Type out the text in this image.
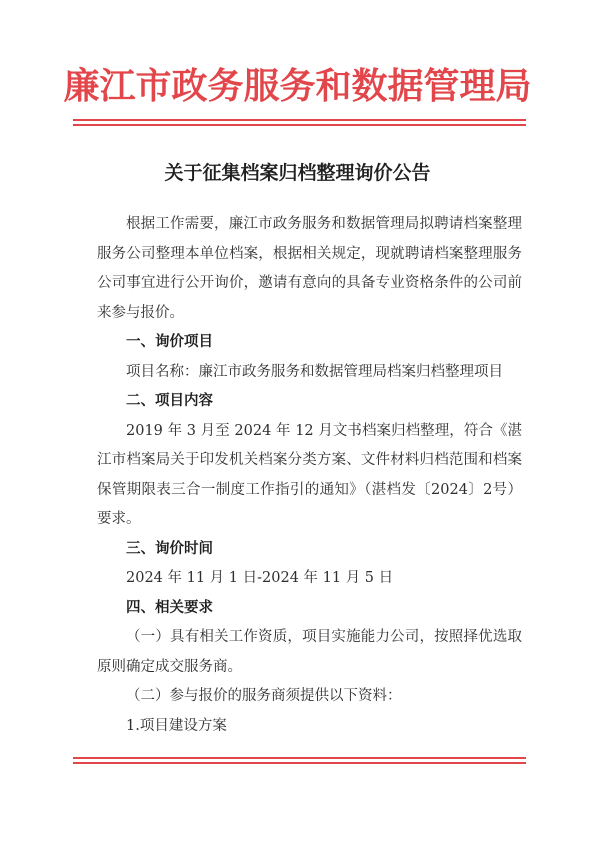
廉江市政务服务和数据管理局
关于征集档案归档整理询价公告

根据工作需要，廉江市政务服务和数据管理局拟聘请档案整理服务公司整理本单位档案，根据相关规定，现就聘请档案整理服务公司事宜进行公开询价，邀请有意向的具备专业资格条件的公司前来参与报价。

一、询价项目

项目名称：廉江市政务服务和数据管理局档案归档整理项目

二、项目内容

2019 年 3 月至 2024 年 12 月文书档案归档整理，符合《湛江市档案局关于印发机关档案分类方案、文件材料归档范围和档案保管期限表三合一制度工作指引的通知》（湛档发〔2024〕2号）要求。

三、询价时间

2024 年 11 月 1 日-2024 年 11 月 5 日

四、相关要求

（一）具有相关工作资质，项目实施能力公司，按照择优选取原则确定成交服务商。

（二）参与报价的服务商须提供以下资料：

1.项目建设方案
